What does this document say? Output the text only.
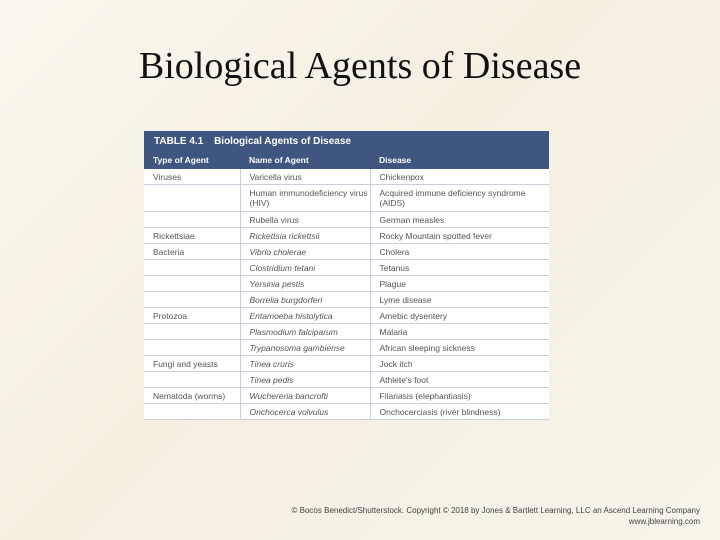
Biological Agents of Disease
TABLE 4.1 Biological Agents of Disease
Type of Agent	Name of Agent	Disease
Viruses	Varicella virus	Chickenpox
	Human immunodeficiency virus (HIV)	Acquired immune deficiency syndrome (AIDS)
	Rubella virus	German measles
Rickettsiae	Rickettsia rickettsii	Rocky Mountain spotted fever
Bacteria	Vibrio cholerae	Cholera
	Clostridium tetani	Tetanus
	Yersinia pestis	Plague
	Borrelia burgdorferi	Lyme disease
Protozoa	Entamoeba histolytica	Amebic dysentery
	Plasmodium falciparum	Malaria
	Trypanosoma gambiense	African sleeping sickness
Fungi and yeasts	Tinea cruris	Jock itch
	Tinea pedis	Athlete's foot
Nematoda (worms)	Wuchereria bancrofti	Filariasis (elephantiasis)
	Onchocerca volvulus	Onchocerciasis (river blindness)
© Bocos Benedict/Shutterstock. Copyright © 2018 by Jones & Bartlett Learning, LLC an Ascend Learning Company
www.jblearning.com
